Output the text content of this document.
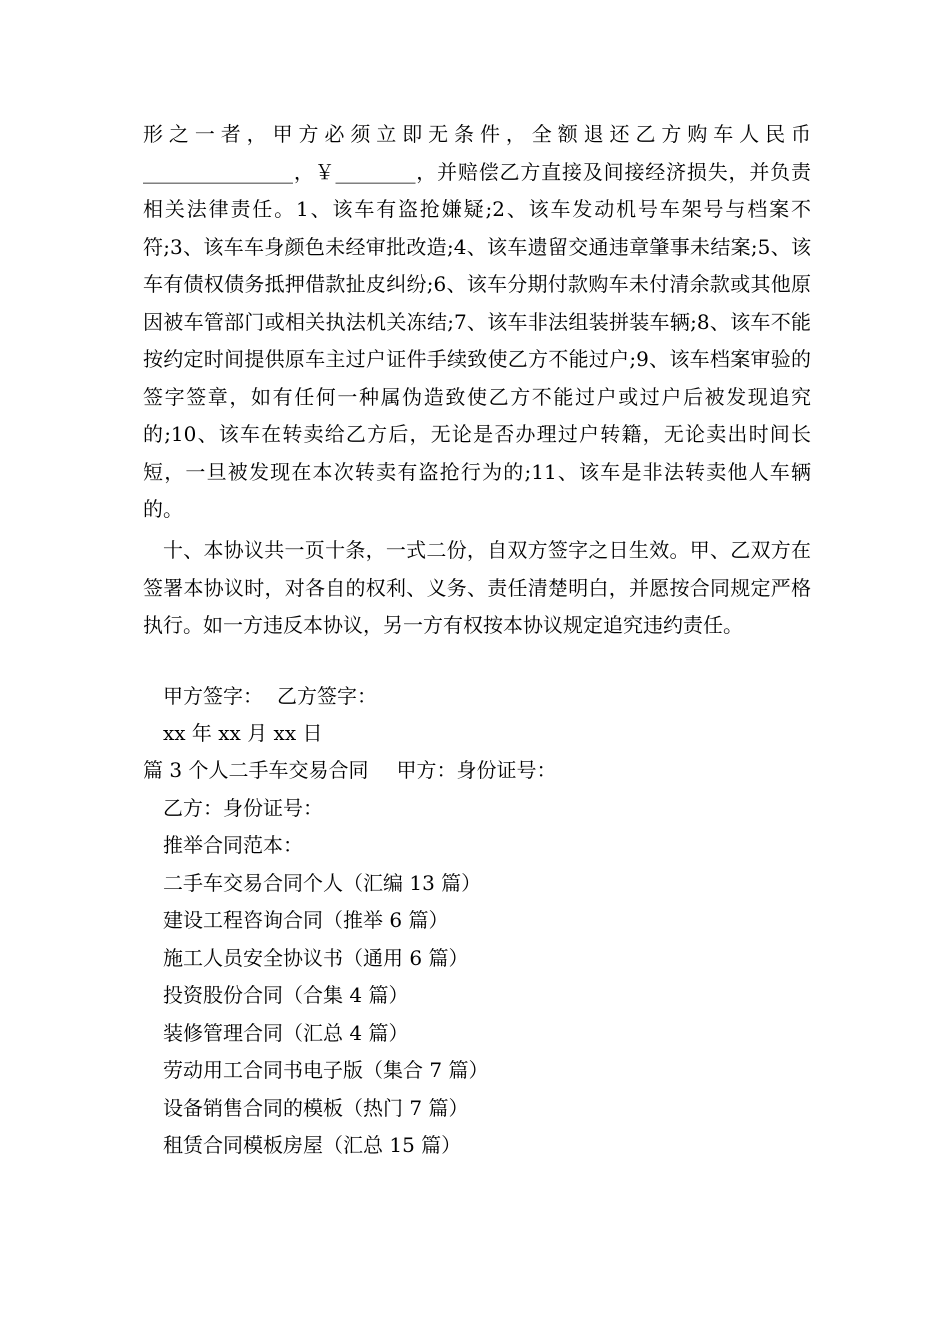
形之一者，甲方必须立即无条件，全额退还乙方购车人民币_______________，￥________，并赔偿乙方直接及间接经济损失，并负责相关法律责任。1、该车有盗抢嫌疑;2、该车发动机号车架号与档案不符;3、该车车身颜色未经审批改造;4、该车遗留交通违章肇事未结案;5、该车有债权债务抵押借款扯皮纠纷;6、该车分期付款购车未付清余款或其他原因被车管部门或相关执法机关冻结;7、该车非法组装拼装车辆;8、该车不能按约定时间提供原车主过户证件手续致使乙方不能过户;9、该车档案审验的签字签章，如有任何一种属伪造致使乙方不能过户或过户后被发现追究的;10、该车在转卖给乙方后，无论是否办理过户转籍，无论卖出时间长短，一旦被发现在本次转卖有盗抢行为的;11、该车是非法转卖他人车辆的。

十、本协议共一页十条，一式二份，自双方签字之日生效。甲、乙双方在签署本协议时，对各自的权利、义务、责任清楚明白，并愿按合同规定严格执行。如一方违反本协议，另一方有权按本协议规定追究违约责任。

甲方签字： 乙方签字：
xx 年 xx 月 xx 日
篇 3 个人二手车交易合同 甲方：身份证号：
乙方：身份证号：
推举合同范本：
二手车交易合同个人（汇编 13 篇）
建设工程咨询合同（推举 6 篇）
施工人员安全协议书（通用 6 篇）
投资股份合同（合集 4 篇）
装修管理合同（汇总 4 篇）
劳动用工合同书电子版（集合 7 篇）
设备销售合同的模板（热门 7 篇）
租赁合同模板房屋（汇总 15 篇）
